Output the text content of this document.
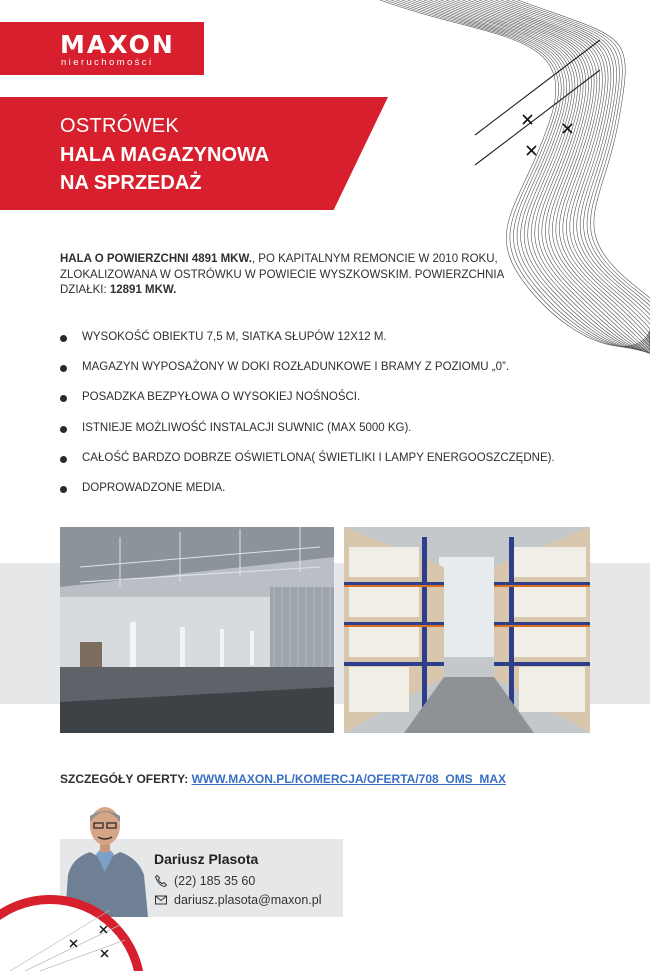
MAXON
nieruchomości
OSTRÓWEK
HALA MAGAZYNOWA
NA SPRZEDAŻ

HALA O POWIERZCHNI 4891 MKW., PO KAPITALNYM REMONCIE W 2010 ROKU, ZLOKALIZOWANA W OSTRÓWKU W POWIECIE WYSZKOWSKIM. POWIERZCHNIA DZIAŁKI: 12891 MKW.

WYSOKOŚĆ OBIEKTU 7,5 M, SIATKA SŁUPÓW 12X12 M.
MAGAZYN WYPOSAŻONY W DOKI ROZŁADUNKOWE I BRAMY Z POZIOMU „0”.
POSADZKA BEZPYŁOWA O WYSOKIEJ NOŚNOŚCI.
ISTNIEJE MOŻLIWOŚĆ INSTALACJI SUWNIC (MAX 5000 KG).
CAŁOŚĆ BARDZO DOBRZE OŚWIETLONA( ŚWIETLIKI I LAMPY ENERGOOSZCZĘDNE).
DOPROWADZONE MEDIA.
SZCZEGÓŁY OFERTY: WWW.MAXON.PL/KOMERCJA/OFERTA/708_OMS_MAX
Dariusz Plasota
(22) 185 35 60
dariusz.plasota@maxon.pl
